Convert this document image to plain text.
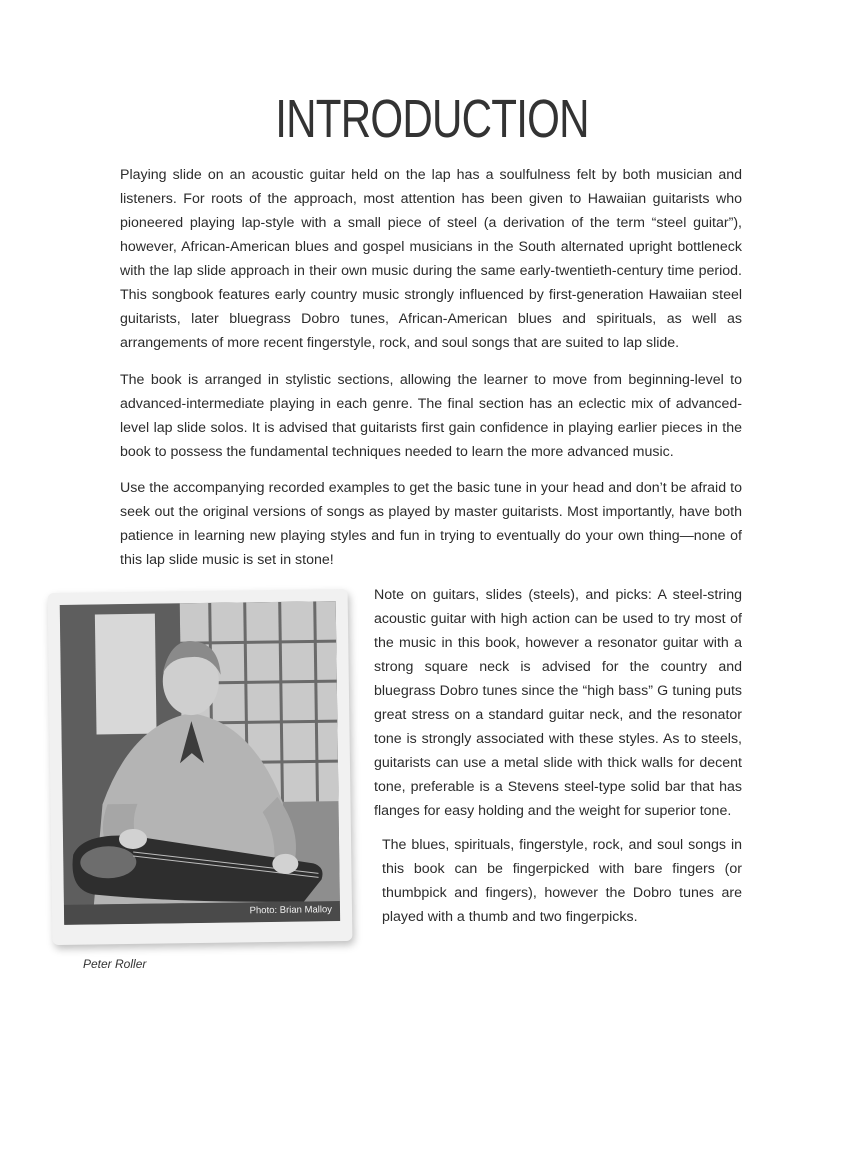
INTRODUCTION

Playing slide on an acoustic guitar held on the lap has a soulfulness felt by both musician and listeners. For roots of the approach, most attention has been given to Hawaiian guitarists who pioneered playing lap-style with a small piece of steel (a derivation of the term “steel guitar”), however, African-American blues and gospel musicians in the South alternated upright bottleneck with the lap slide approach in their own music during the same early-twentieth-century time period. This songbook features early country music strongly influenced by first-generation Hawaiian steel guitarists, later bluegrass Dobro tunes, African-American blues and spirituals, as well as arrangements of more recent fingerstyle, rock, and soul songs that are suited to lap slide.

The book is arranged in stylistic sections, allowing the learner to move from beginning-level to advanced-intermediate playing in each genre. The final section has an eclectic mix of advanced-level lap slide solos. It is advised that guitarists first gain confidence in playing earlier pieces in the book to possess the fundamental techniques needed to learn the more advanced music.

Use the accompanying recorded examples to get the basic tune in your head and don’t be afraid to seek out the original versions of songs as played by master guitarists. Most importantly, have both patience in learning new playing styles and fun in trying to eventually do your own thing—none of this lap slide music is set in stone!

Photo: Brian Malloy
Peter Roller

Note on guitars, slides (steels), and picks: A steel-string acoustic guitar with high action can be used to try most of the music in this book, however a resonator guitar with a strong square neck is advised for the country and bluegrass Dobro tunes since the “high bass” G tuning puts great stress on a standard guitar neck, and the resonator tone is strongly associated with these styles. As to steels, guitarists can use a metal slide with thick walls for decent tone, preferable is a Stevens steel-type solid bar that has flanges for easy holding and the weight for superior tone.

The blues, spirituals, fingerstyle, rock, and soul songs in this book can be fingerpicked with bare fingers (or thumbpick and fingers), however the Dobro tunes are played with a thumb and two fingerpicks.
